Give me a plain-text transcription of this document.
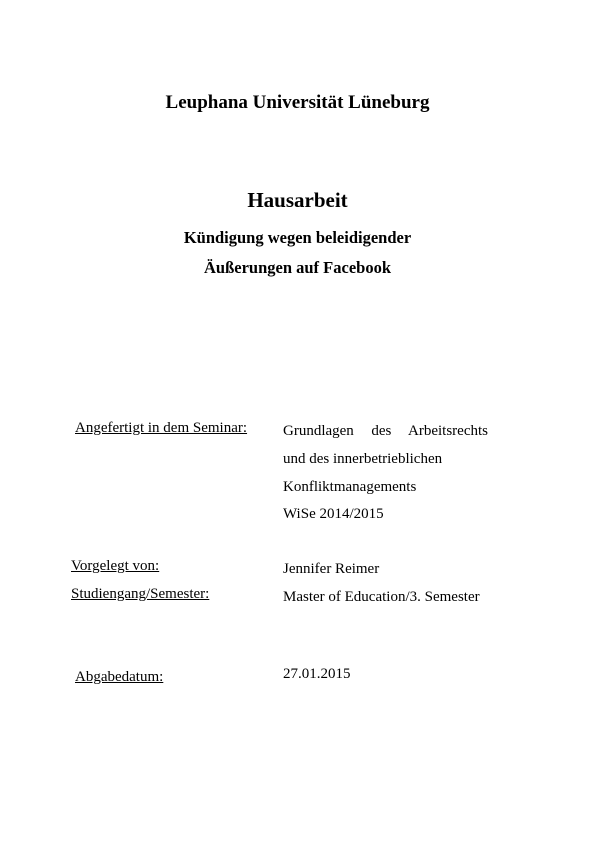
Leuphana Universität Lüneburg
Hausarbeit
Kündigung wegen beleidigender
Äußerungen auf Facebook
Angefertigt in dem Seminar: Grundlagen des Arbeitsrechts
und des innerbetrieblichen
Konfliktmanagements
WiSe 2014/2015
Vorgelegt von:	Jennifer Reimer
Studiengang/Semester:	Master of Education/3. Semester
Abgabedatum:	27.01.2015
